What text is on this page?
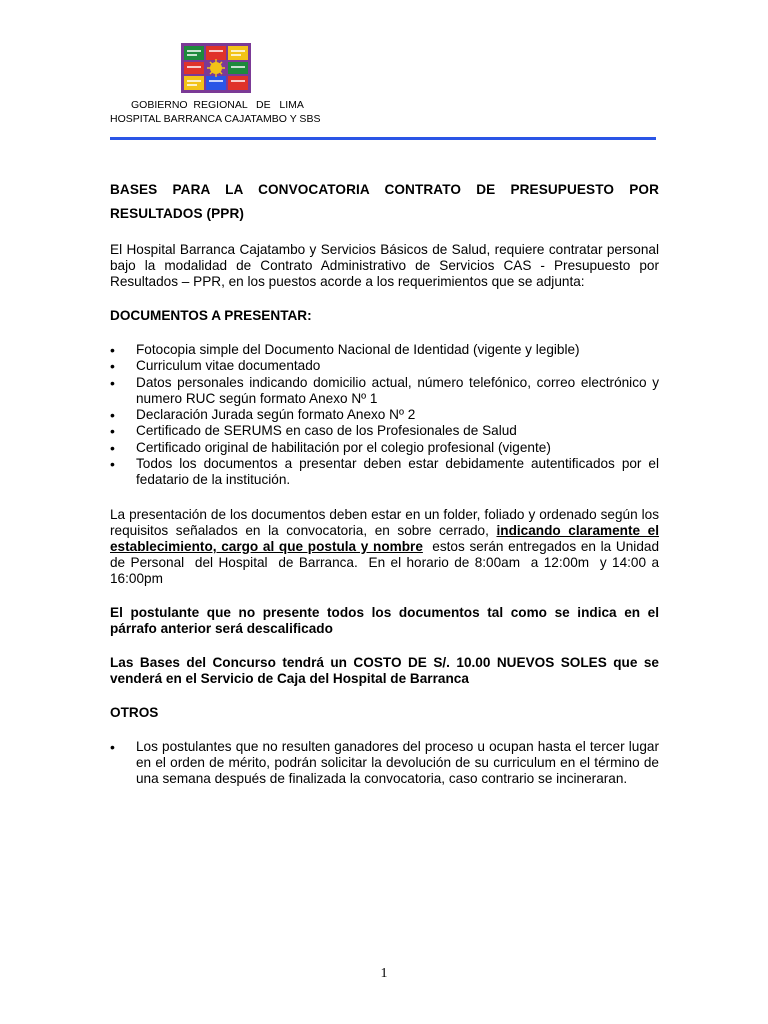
GOBIERNO  REGIONAL   DE   LIMA
HOSPITAL BARRANCA CAJATAMBO Y SBS

BASES PARA LA CONVOCATORIA CONTRATO DE PRESUPUESTO POR RESULTADOS (PPR)

El Hospital Barranca Cajatambo y Servicios Básicos de Salud, requiere contratar personal bajo la modalidad de Contrato Administrativo de Servicios CAS - Presupuesto por Resultados – PPR, en los puestos acorde a los requerimientos que se adjunta:

DOCUMENTOS A PRESENTAR:

• Fotocopia simple del Documento Nacional de Identidad (vigente y legible)
• Curriculum vitae documentado
• Datos personales indicando domicilio actual, número telefónico, correo electrónico y numero RUC según formato Anexo Nº 1
• Declaración Jurada según formato Anexo Nº 2
• Certificado de SERUMS en caso de los Profesionales de Salud
• Certificado original de habilitación por el colegio profesional (vigente)
• Todos los documentos a presentar deben estar debidamente autentificados por el fedatario de la institución.

La presentación de los documentos deben estar en un folder, foliado y ordenado según los requisitos señalados en la convocatoria, en sobre cerrado, indicando claramente el establecimiento, cargo al que postula y nombre  estos serán entregados en la Unidad de Personal  del Hospital  de Barranca.  En el horario de 8:00am  a 12:00m  y 14:00 a 16:00pm

El postulante que no presente todos los documentos tal como se indica en el párrafo anterior será descalificado

Las Bases del Concurso tendrá un COSTO DE S/. 10.00 NUEVOS SOLES que se venderá en el Servicio de Caja del Hospital de Barranca

OTROS

• Los postulantes que no resulten ganadores del proceso u ocupan hasta el tercer lugar en el orden de mérito, podrán solicitar la devolución de su curriculum en el término de una semana después de finalizada la convocatoria, caso contrario se incineraran.
1
